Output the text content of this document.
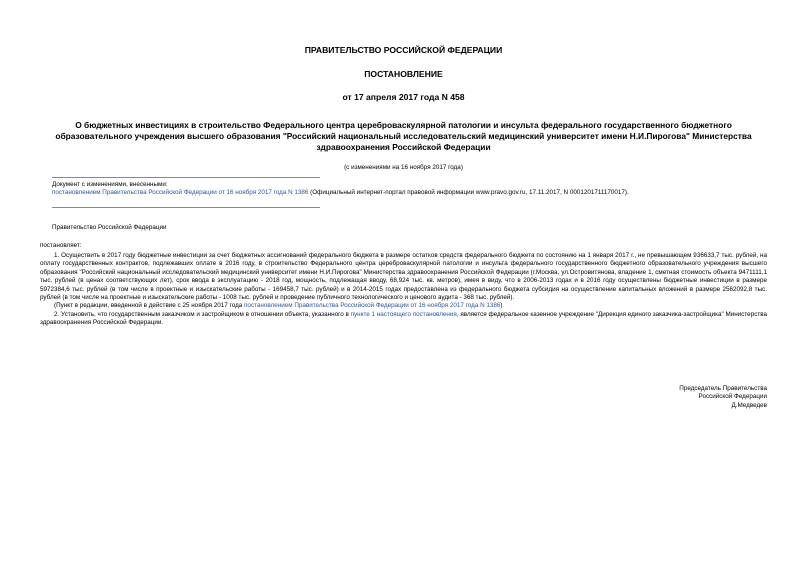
ПРАВИТЕЛЬСТВО РОССИЙСКОЙ ФЕДЕРАЦИИ
ПОСТАНОВЛЕНИЕ
от 17 апреля 2017 года N 458
О бюджетных инвестициях в строительство Федерального центра цереброваскулярной патологии и инсульта федерального государственного бюджетного образовательного учреждения высшего образования "Российский национальный исследовательский медицинский университет имени Н.И.Пирогова" Министерства здравоохранения Российской Федерации
(с изменениями на 16 ноября 2017 года)
Документ с изменениями, внесенными:
постановлением Правительства Российской Федерации от 16 ноября 2017 года N 1386 (Официальный интернет-портал правовой информации www.pravo.gov.ru, 17.11.2017, N 0001201711170017).
Правительство Российской Федерации
постановляет:

1. Осуществить в 2017 году бюджетные инвестиции за счет бюджетных ассигнований федерального бюджета в размере остатков средств федерального бюджета по состоянию на 1 января 2017 г., не превышающем 936633,7 тыс. рублей, на оплату государственных контрактов, подлежавших оплате в 2016 году, в строительство Федерального центра цереброваскулярной патологии и инсульта федерального государственного бюджетного образовательного учреждения высшего образования "Российский национальный исследовательский медицинский университет имени Н.И.Пирогова" Министерства здравоохранения Российской Федерации (г.Москва, ул.Островитянова, владение 1, сметная стоимость объекта 9471111,1 тыс. рублей (в ценах соответствующих лет), срок ввода в эксплуатацию - 2018 год, мощность, подлежащая вводу, 68,924 тыс. кв. метров), имея в виду, что в 2006-2013 годах и в 2016 году осуществлены бюджетные инвестиции в размере 5972384,6 тыс. рублей (в том числе в проектные и изыскательские работы - 169458,7 тыс. рублей) и в 2014-2015 годах предоставлена из федерального бюджета субсидия на осуществление капитальных вложений в размере 2562092,8 тыс. рублей (в том числе на проектные и изыскательские работы - 1008 тыс. рублей и проведение публичного технологического и ценового аудита - 368 тыс. рублей).

(Пункт в редакции, введенной в действие с 25 ноября 2017 года постановлением Правительства Российской Федерации от 16 ноября 2017 года N 1386)

2. Установить, что государственным заказчиком и застройщиком в отношении объекта, указанного в пункте 1 настоящего постановления, является федеральное казенное учреждение "Дирекция единого заказчика-застройщика" Министерства здравоохранения Российской Федерации.

Председатель Правительства
Российской Федерации
Д.Медведев
